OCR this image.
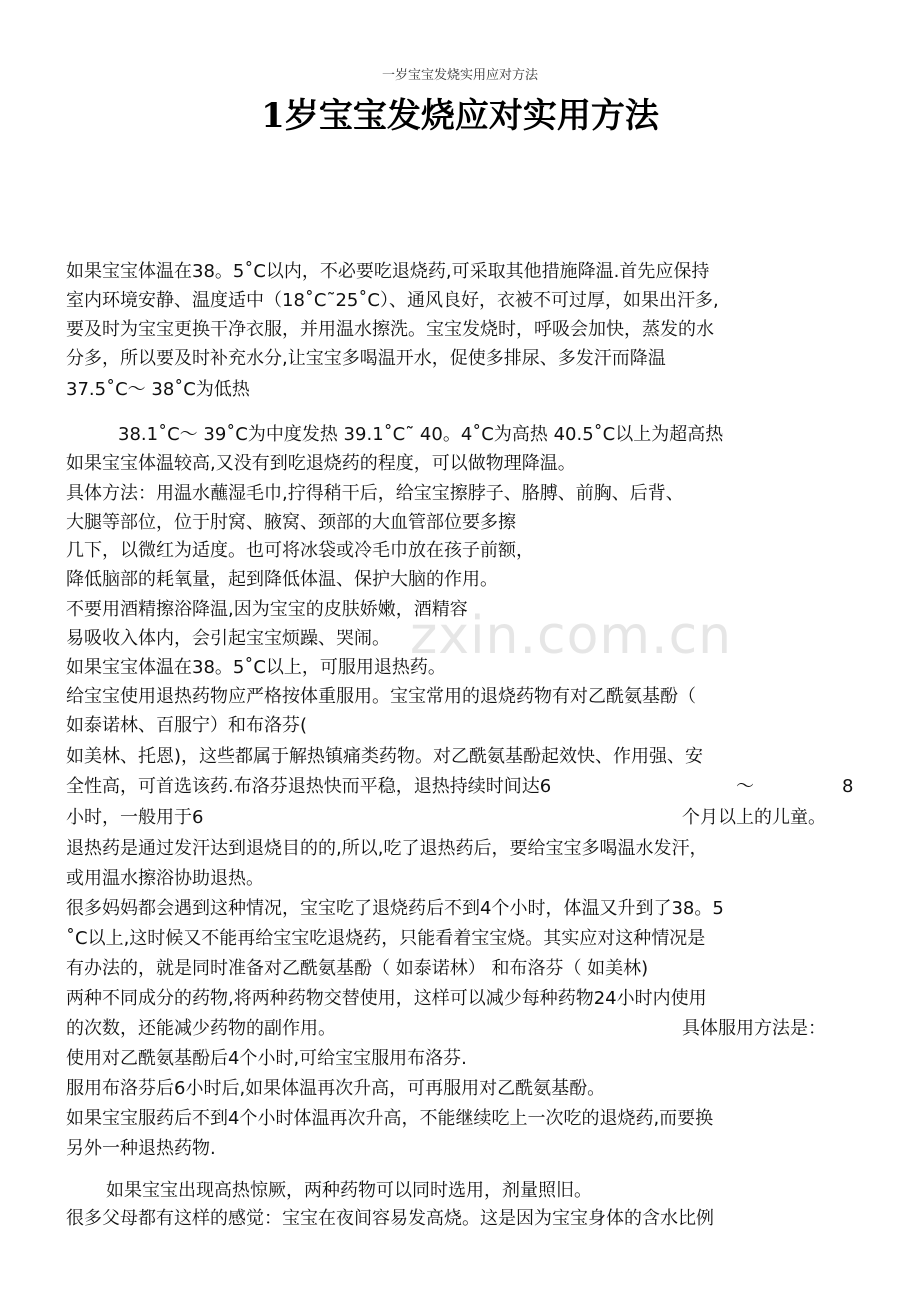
zxin.com.cn
一岁宝宝发烧实用应对方法
1岁宝宝发烧应对实用方法
如果宝宝体温在38。5˚C以内，不必要吃退烧药,可采取其他措施降温.首先应保持
室内环境安静、温度适中（18˚C˜25˚C）、通风良好，衣被不可过厚，如果出汗多,
要及时为宝宝更换干净衣服，并用温水擦洗。宝宝发烧时，呼吸会加快，蒸发的水
分多，所以要及时补充水分,让宝宝多喝温开水，促使多排尿、多发汗而降温
37.5˚C～ 38˚C为低热
38.1˚C～ 39˚C为中度发热 39.1˚C˜ 40。4˚C为高热 40.5˚C以上为超高热
如果宝宝体温较高,又没有到吃退烧药的程度，可以做物理降温。
具体方法：用温水蘸湿毛巾,拧得稍干后，给宝宝擦脖子、胳膊、前胸、后背、
大腿等部位，位于肘窝、腋窝、颈部的大血管部位要多擦
几下，以微红为适度。也可将冰袋或冷毛巾放在孩子前额，
降低脑部的耗氧量，起到降低体温、保护大脑的作用。
不要用酒精擦浴降温,因为宝宝的皮肤娇嫩，酒精容
易吸收入体内，会引起宝宝烦躁、哭闹。
如果宝宝体温在38。5˚C以上，可服用退热药。
给宝宝使用退热药物应严格按体重服用。宝宝常用的退烧药物有对乙酰氨基酚（
如泰诺林、百服宁）和布洛芬(
如美林、托恩)，这些都属于解热镇痛类药物。对乙酰氨基酚起效快、作用强、安
全性高，可首选该药.布洛芬退热快而平稳，退热持续时间达6	～	8
小时，一般用于6	个月以上的儿童。
退热药是通过发汗达到退烧目的的,所以,吃了退热药后，要给宝宝多喝温水发汗，
或用温水擦浴协助退热。
很多妈妈都会遇到这种情况，宝宝吃了退烧药后不到4个小时，体温又升到了38。5
˚C以上,这时候又不能再给宝宝吃退烧药，只能看着宝宝烧。其实应对这种情况是
有办法的，就是同时准备对乙酰氨基酚（ 如泰诺林） 和布洛芬（ 如美林)
两种不同成分的药物,将两种药物交替使用，这样可以减少每种药物24小时内使用
的次数，还能减少药物的副作用。	具体服用方法是：
使用对乙酰氨基酚后4个小时,可给宝宝服用布洛芬.
服用布洛芬后6小时后,如果体温再次升高，可再服用对乙酰氨基酚。
如果宝宝服药后不到4个小时体温再次升高，不能继续吃上一次吃的退烧药,而要换
另外一种退热药物.
如果宝宝出现高热惊厥，两种药物可以同时选用，剂量照旧。
很多父母都有这样的感觉：宝宝在夜间容易发高烧。这是因为宝宝身体的含水比例
